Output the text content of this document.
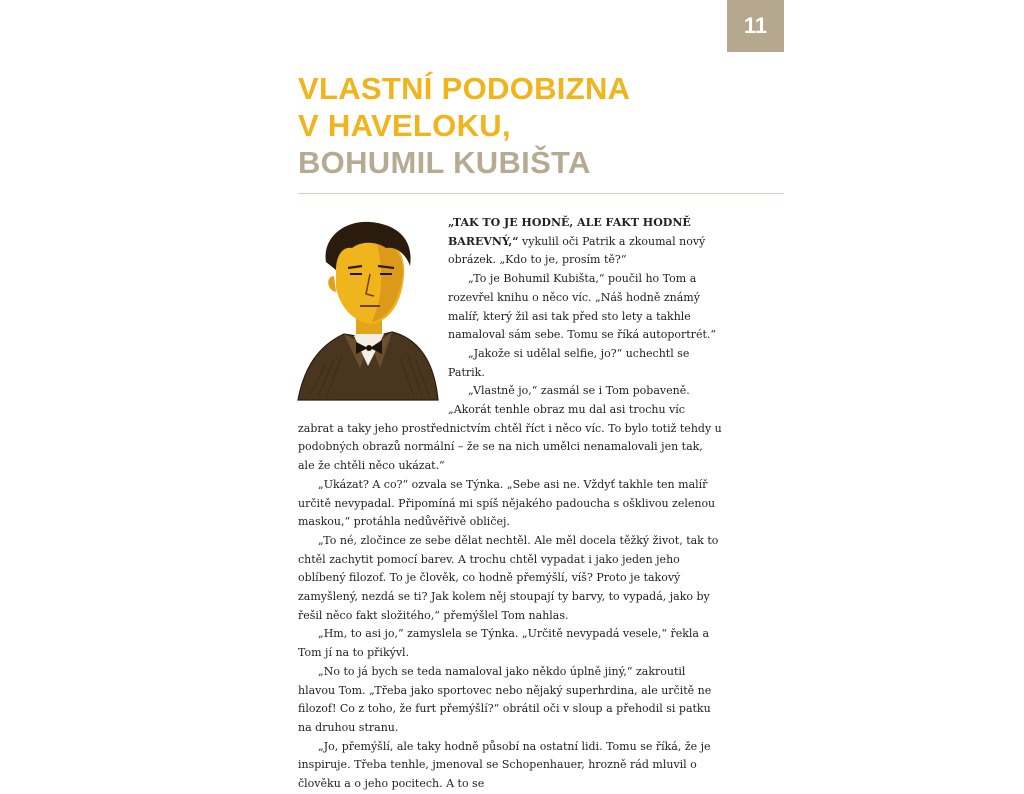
11
VLASTNÍ PODOBIZNA
V HAVELOKU,
BOHUMIL KUBIŠTA

„TAK TO JE HODNĚ, ALE FAKT HODNĚ BAREVNÝ,“ vykulil oči Patrik a zkoumal nový obrázek. „Kdo to je, prosím tě?“

„To je Bohumil Kubišta,“ poučil ho Tom a rozevřel knihu o něco víc. „Náš hodně známý malíř, který žil asi tak před sto lety a takhle namaloval sám sebe. Tomu se říká autoportrét.“

„Jakože si udělal selfie, jo?“ uchechtl se Patrik.

„Vlastně jo,“ zasmál se i Tom pobaveně. „Akorát tenhle obraz mu dal asi trochu víc zabrat a taky jeho prostřednictvím chtěl říct i něco víc. To bylo totiž tehdy u podobných obrazů normální – že se na nich umělci nenamalovali jen tak, ale že chtěli něco ukázat.“

„Ukázat? A co?“ ozvala se Týnka. „Sebe asi ne. Vždyť takhle ten malíř určitě nevypadal. Připomíná mi spíš nějakého padoucha s ošklivou zelenou maskou,“ protáhla nedůvěřivě obličej.

„To né, zločince ze sebe dělat nechtěl. Ale měl docela těžký život, tak to chtěl zachytit pomocí barev. A trochu chtěl vypadat i jako jeden jeho oblíbený filozof. To je člověk, co hodně přemýšlí, víš? Proto je takový zamyšlený, nezdá se ti? Jak kolem něj stoupají ty barvy, to vypadá, jako by řešil něco fakt složitého,“ přemýšlel Tom nahlas.

„Hm, to asi jo,“ zamyslela se Týnka. „Určitě nevypadá vesele,“ řekla a Tom jí na to přikývl.

„No to já bych se teda namaloval jako někdo úplně jiný,“ zakroutil hlavou Tom. „Třeba jako sportovec nebo nějaký superhrdina, ale určitě ne filozof! Co z toho, že furt přemýšlí?“ obrátil oči v sloup a přehodil si patku na druhou stranu.

„Jo, přemýšlí, ale taky hodně působí na ostatní lidi. Tomu se říká, že je inspiruje. Třeba tenhle, jmenoval se Schopenhauer, hrozně rád mluvil o člověku a o jeho pocitech. A to se
